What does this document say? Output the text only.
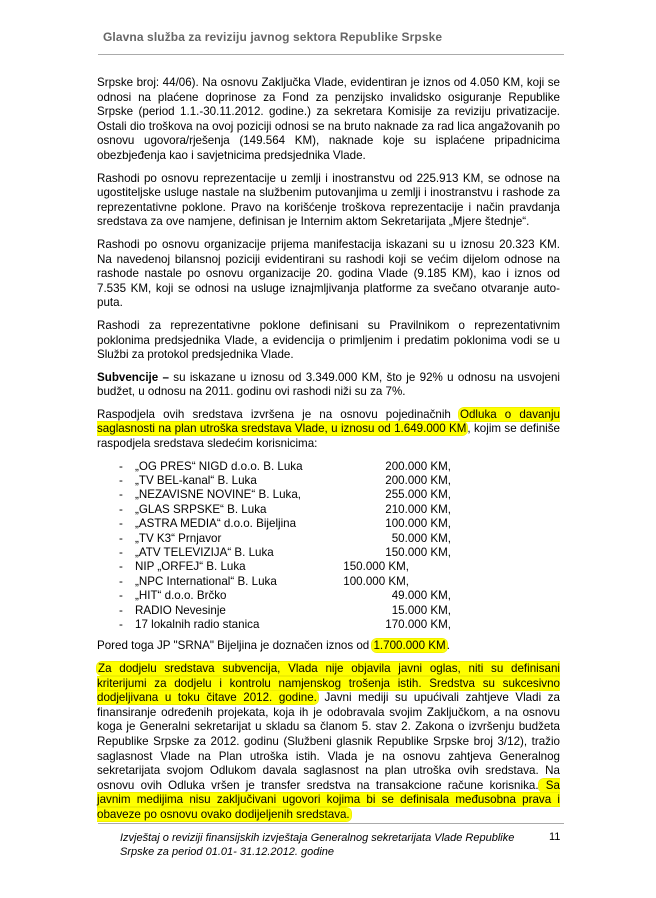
Glavna služba za reviziju javnog sektora Republike Srpske

Srpske broj: 44/06). Na osnovu Zaključka Vlade, evidentiran je iznos od 4.050 KM, koji se odnosi na plaćene doprinose za Fond za penzijsko invalidsko osiguranje Republike Srpske (period 1.1.-30.11.2012. godine.) za sekretara Komisije za reviziju privatizacije. Ostali dio troškova na ovoj poziciji odnosi se na bruto naknade za rad lica angažovanih po osnovu ugovora/rješenja (149.564 KM), naknade koje su isplaćene pripadnicima obezbjeđenja kao i savjetnicima predsjednika Vlade.

Rashodi po osnovu reprezentacije u zemlji i inostranstvu od 225.913 KM, se odnose na ugostiteljske usluge nastale na službenim putovanjima u zemlji i inostranstvu i rashode za reprezentativne poklone. Pravo na korišćenje troškova reprezentacije i način pravdanja sredstava za ove namjene, definisan je Internim aktom Sekretarijata „Mjere štednje“.

Rashodi po osnovu organizacije prijema manifestacija iskazani su u iznosu 20.323 KM. Na navedenoj bilansnoj poziciji evidentirani su rashodi koji se većim dijelom odnose na rashode nastale po osnovu organizacije 20. godina Vlade (9.185 KM), kao i iznos od 7.535 KM, koji se odnosi na usluge iznajmljivanja platforme za svečano otvaranje auto-puta.

Rashodi za reprezentativne poklone definisani su Pravilnikom o reprezentativnim poklonima predsjednika Vlade, a evidencija o primljenim i predatim poklonima vodi se u Službi za protokol predsjednika Vlade.

Subvencije – su iskazane u iznosu od 3.349.000 KM, što je 92% u odnosu na usvojeni budžet, u odnosu na 2011. godinu ovi rashodi niži su za 7%.

Raspodjela ovih sredstava izvršena je na osnovu pojedinačnih Odluka o davanju saglasnosti na plan utroška sredstava Vlade, u iznosu od 1.649.000 KM, kojim se definiše raspodjela sredstava sledećim korisnicima:

-	„OG PRES“ NIGD d.o.o. B. Luka	200.000 KM,
-	„TV BEL-kanal“ B. Luka	200.000 KM,
-	„NEZAVISNE NOVINE“ B. Luka,	255.000 KM,
-	„GLAS SRPSKE“ B. Luka	210.000 KM,
-	„ASTRA MEDIA“ d.o.o. Bijeljina	100.000 KM,
-	„TV K3“ Prnjavor	50.000 KM,
-	„ATV TELEVIZIJA“ B. Luka	150.000 KM,
-	NIP „ORFEJ“ B. Luka	150.000 KM,
-	„NPC International“ B. Luka	100.000 KM,
-	„HIT“ d.o.o. Brčko	49.000 KM,
-	RADIO Nevesinje	15.000 KM,
-	17 lokalnih radio stanica	170.000 KM,

Pored toga JP "SRNA" Bijeljina je doznačen iznos od 1.700.000 KM.

Za dodjelu sredstava subvencija, Vlada nije objavila javni oglas, niti su definisani kriterijumi za dodjelu i kontrolu namjenskog trošenja istih. Sredstva su sukcesivno dodjeljivana u toku čitave 2012. godine. Javni mediji su upućivali zahtjeve Vladi za finansiranje određenih projekata, koja ih je odobravala svojim Zaključkom, a na osnovu koga je Generalni sekretarijat u skladu sa članom 5. stav 2. Zakona o izvršenju budžeta Republike Srpske za 2012. godinu (Službeni glasnik Republike Srpske broj 3/12), tražio saglasnost Vlade na Plan utroška istih. Vlada je na osnovu zahtjeva Generalnog sekretarijata svojom Odlukom davala saglasnost na plan utroška ovih sredstava. Na osnovu ovih Odluka vršen je transfer sredstva na transakcione račune korisnika. Sa javnim medijima nisu zaključivani ugovori kojima bi se definisala međusobna prava i obaveze po osnovu ovako dodijeljenih sredstava.

Izvještaj o reviziji finansijskih izvještaja Generalnog sekretarijata Vlade Republike
Srpske za period 01.01- 31.12.2012. godine
11
